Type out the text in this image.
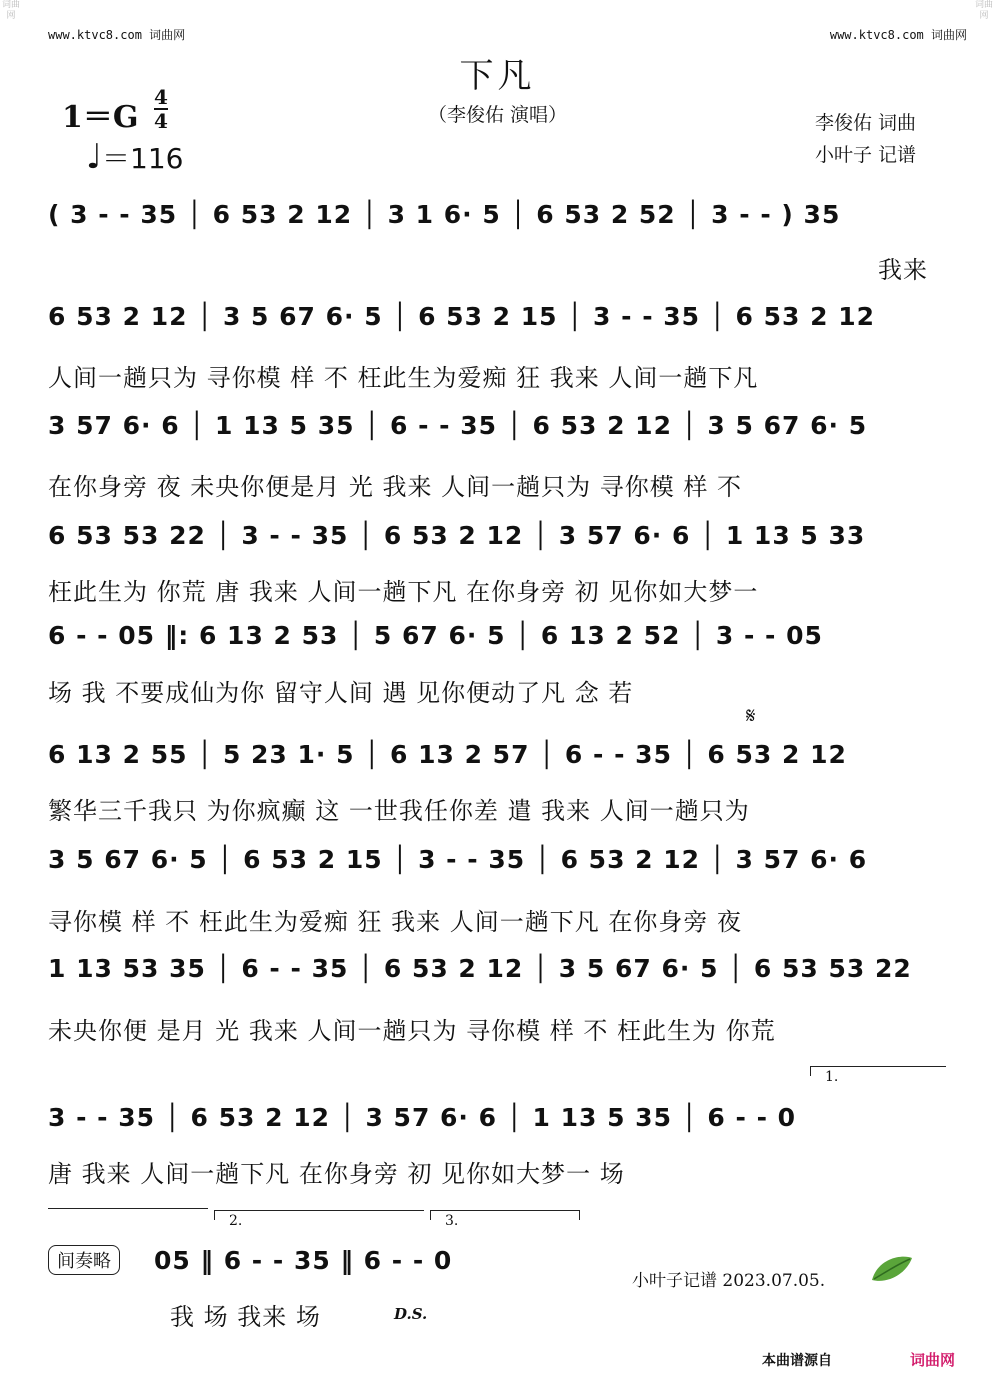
词曲网
词曲网
www.ktvc8.com 词曲网	www.ktvc8.com 词曲网
下凡
（李俊佑 演唱）
$1=G \frac{4}{4}$
♩＝116
李俊佑 词曲
小叶子 记谱
( 3 - - 35 │ 6 53 2 12 │ 3 1 6· 5 │ 6 53 2 52 │ 3 - - ) 35
我来
6 53 2 12 │ 3 5 67 6· 5 │ 6 53 2 15 │ 3 - - 35 │ 6 53 2 12
人间一趟只为 寻你模 样 不 枉此生为爱痴 狂 我来 人间一趟下凡
3 57 6· 6 │ 1 13 5 35 │ 6 - - 35 │ 6 53 2 12 │ 3 5 67 6· 5
在你身旁 夜 未央你便是月 光 我来 人间一趟只为 寻你模 样 不
6 53 53 22 │ 3 - - 35 │ 6 53 2 12 │ 3 57 6· 6 │ 1 13 5 33
枉此生为 你荒 唐 我来 人间一趟下凡 在你身旁 初 见你如大梦一
6 - - 05 ‖: 6 13 2 53 │ 5 67 6· 5 │ 6 13 2 52 │ 3 - - 05
场 我 不要成仙为你 留守人间 遇 见你便动了凡 念 若
𝄋
6 13 2 55 │ 5 23 1· 5 │ 6 13 2 57 │ 6 - - 35 │ 6 53 2 12
繁华三千我只 为你疯癫 这 一世我任你差 遣 我来 人间一趟只为
3 5 67 6· 5 │ 6 53 2 15 │ 3 - - 35 │ 6 53 2 12 │ 3 57 6· 6
寻你模 样 不 枉此生为爱痴 狂 我来 人间一趟下凡 在你身旁 夜
1 13 53 35 │ 6 - - 35 │ 6 53 2 12 │ 3 5 67 6· 5 │ 6 53 53 22
未央你便 是月 光 我来 人间一趟只为 寻你模 样 不 枉此生为 你荒
1.
3 - - 35 │ 6 53 2 12 │ 3 57 6· 6 │ 1 13 5 35 │ 6 - - 0
唐 我来 人间一趟下凡 在你身旁 初 见你如大梦一 场
2.	3.
间奏略	05 ‖ 6 - - 35 ‖ 6 - - 0
我 场 我来 场	D.S.
小叶子记谱 2023.07.05.
本曲谱源自	词曲网
